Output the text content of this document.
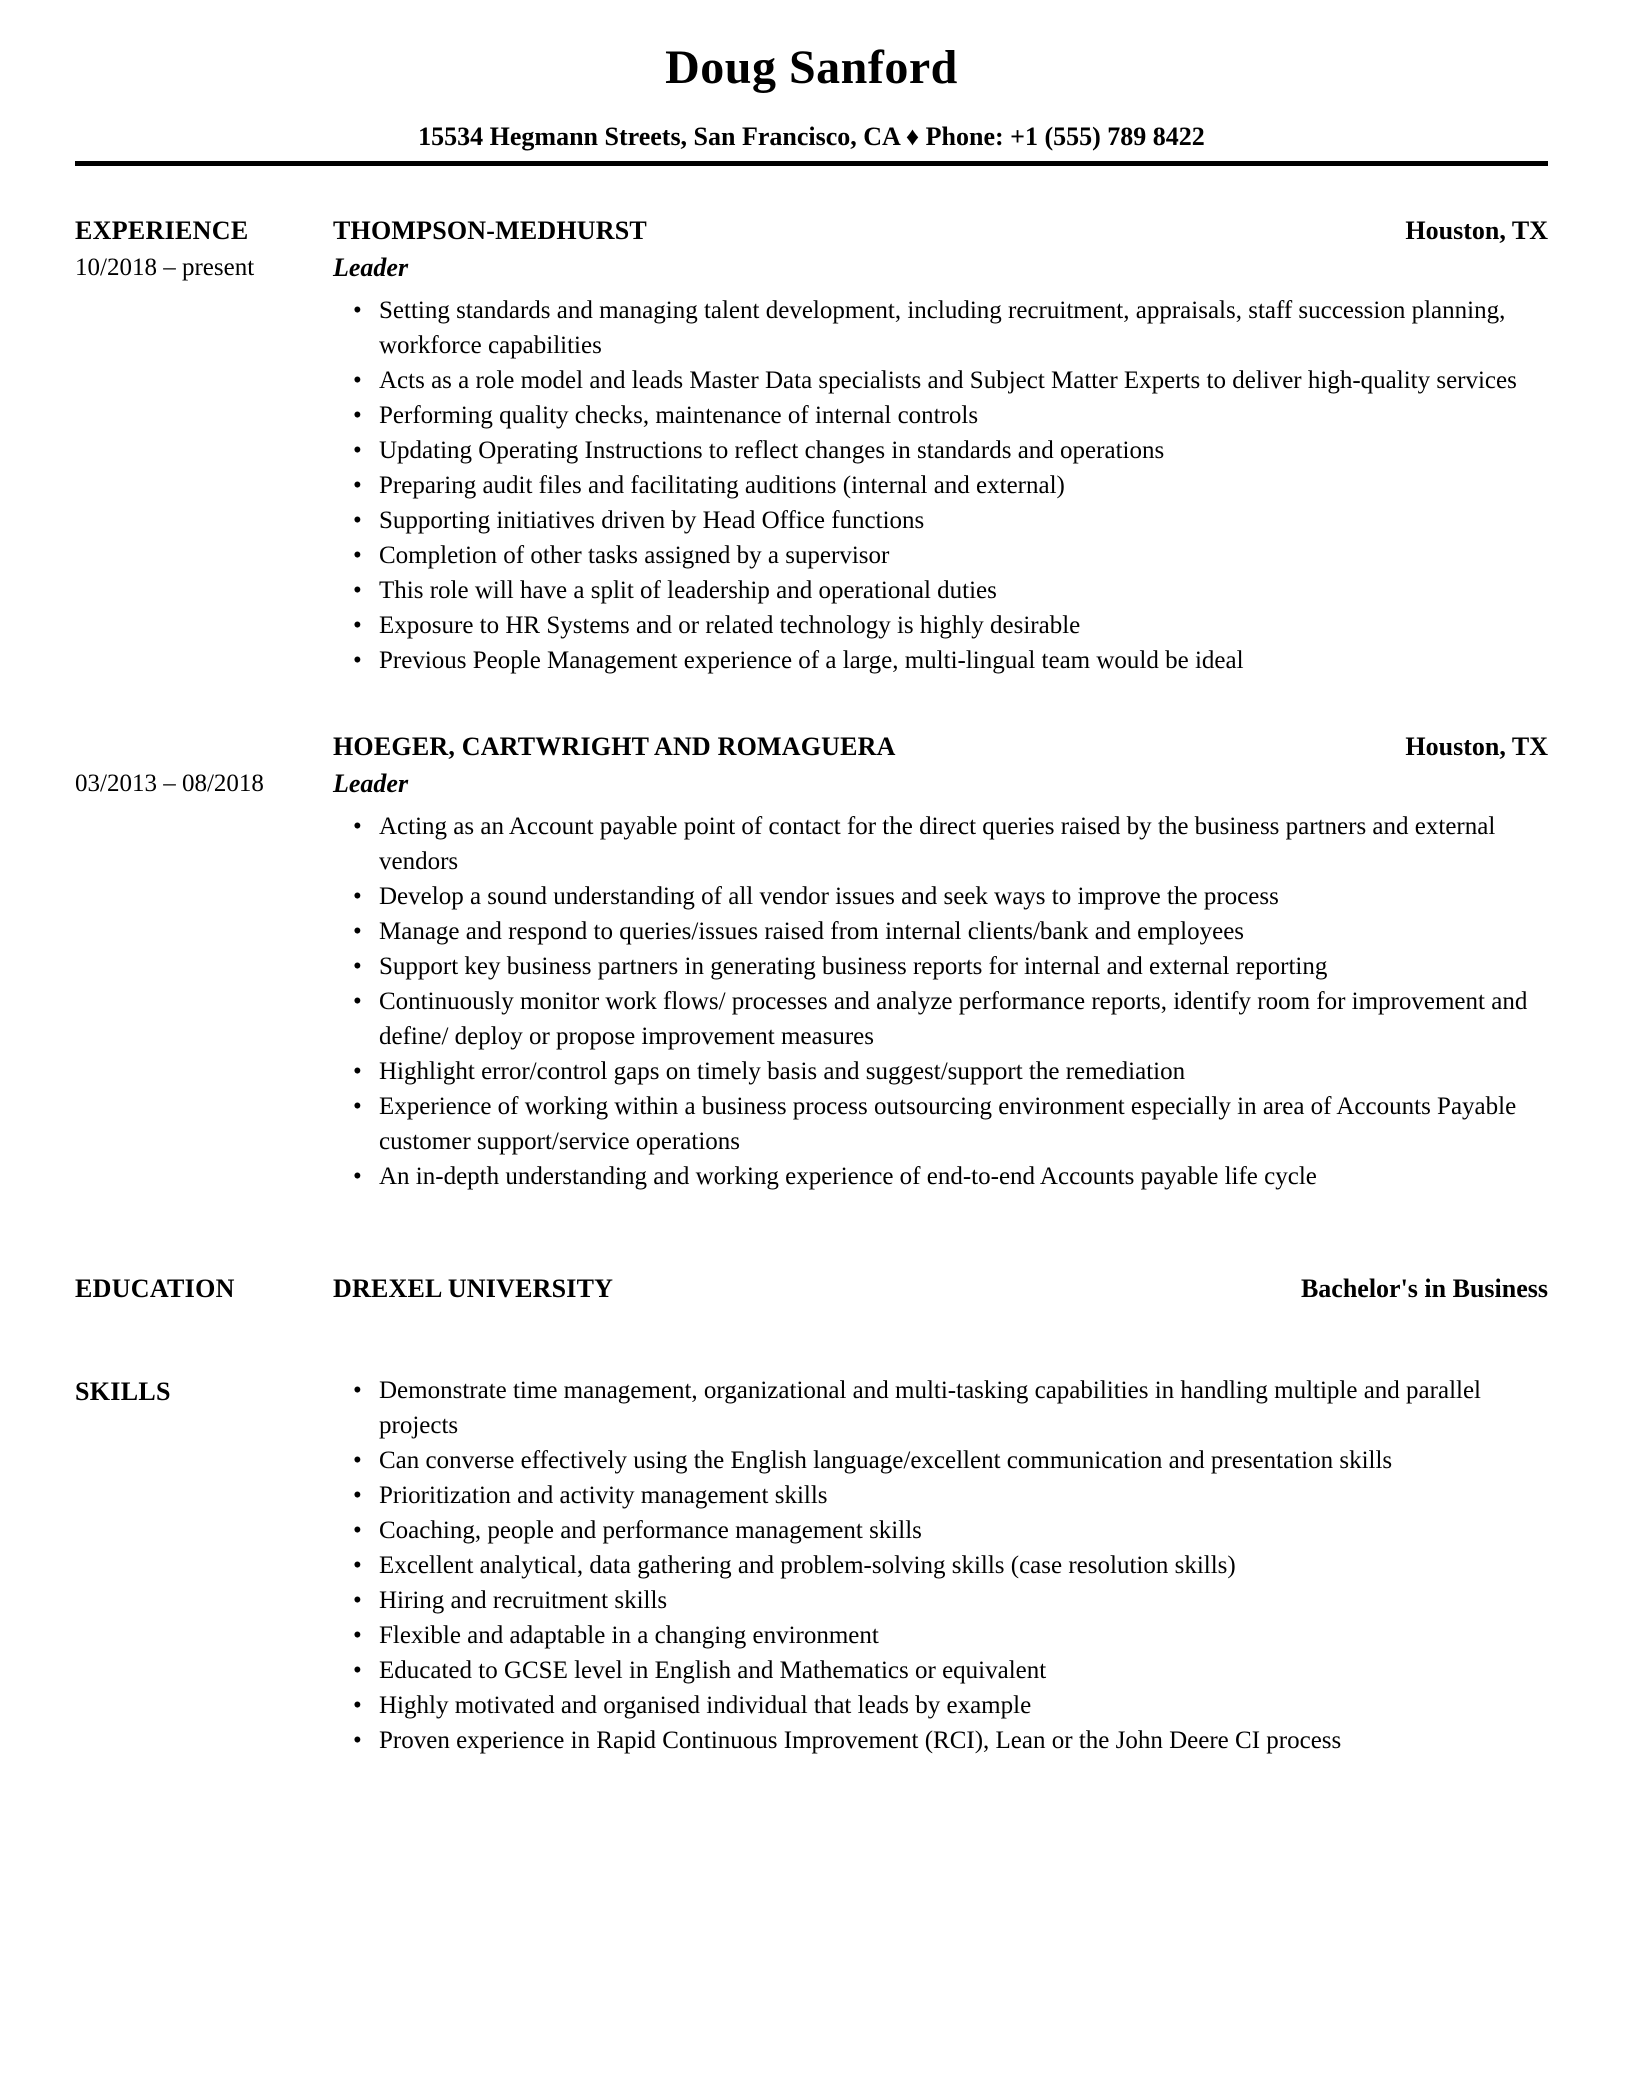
Doug Sanford
15534 Hegmann Streets, San Francisco, CA ♦ Phone: +1 (555) 789 8422
EXPERIENCE
10/2018 – present
THOMPSON-MEDHURST	Houston, TX
Leader
• Setting standards and managing talent development, including recruitment, appraisals, staff succession planning, workforce capabilities
• Acts as a role model and leads Master Data specialists and Subject Matter Experts to deliver high-quality services
• Performing quality checks, maintenance of internal controls
• Updating Operating Instructions to reflect changes in standards and operations
• Preparing audit files and facilitating auditions (internal and external)
• Supporting initiatives driven by Head Office functions
• Completion of other tasks assigned by a supervisor
• This role will have a split of leadership and operational duties
• Exposure to HR Systems and or related technology is highly desirable
• Previous People Management experience of a large, multi-lingual team would be ideal
03/2013 – 08/2018
HOEGER, CARTWRIGHT AND ROMAGUERA	Houston, TX
Leader
• Acting as an Account payable point of contact for the direct queries raised by the business partners and external vendors
• Develop a sound understanding of all vendor issues and seek ways to improve the process
• Manage and respond to queries/issues raised from internal clients/bank and employees
• Support key business partners in generating business reports for internal and external reporting
• Continuously monitor work flows/ processes and analyze performance reports, identify room for improvement and define/ deploy or propose improvement measures
• Highlight error/control gaps on timely basis and suggest/support the remediation
• Experience of working within a business process outsourcing environment especially in area of Accounts Payable customer support/service operations
• An in-depth understanding and working experience of end-to-end Accounts payable life cycle
EDUCATION	DREXEL UNIVERSITY	Bachelor's in Business
SKILLS	• Demonstrate time management, organizational and multi-tasking capabilities in handling multiple and parallel projects
• Can converse effectively using the English language/excellent communication and presentation skills
• Prioritization and activity management skills
• Coaching, people and performance management skills
• Excellent analytical, data gathering and problem-solving skills (case resolution skills)
• Hiring and recruitment skills
• Flexible and adaptable in a changing environment
• Educated to GCSE level in English and Mathematics or equivalent
• Highly motivated and organised individual that leads by example
• Proven experience in Rapid Continuous Improvement (RCI), Lean or the John Deere CI process
